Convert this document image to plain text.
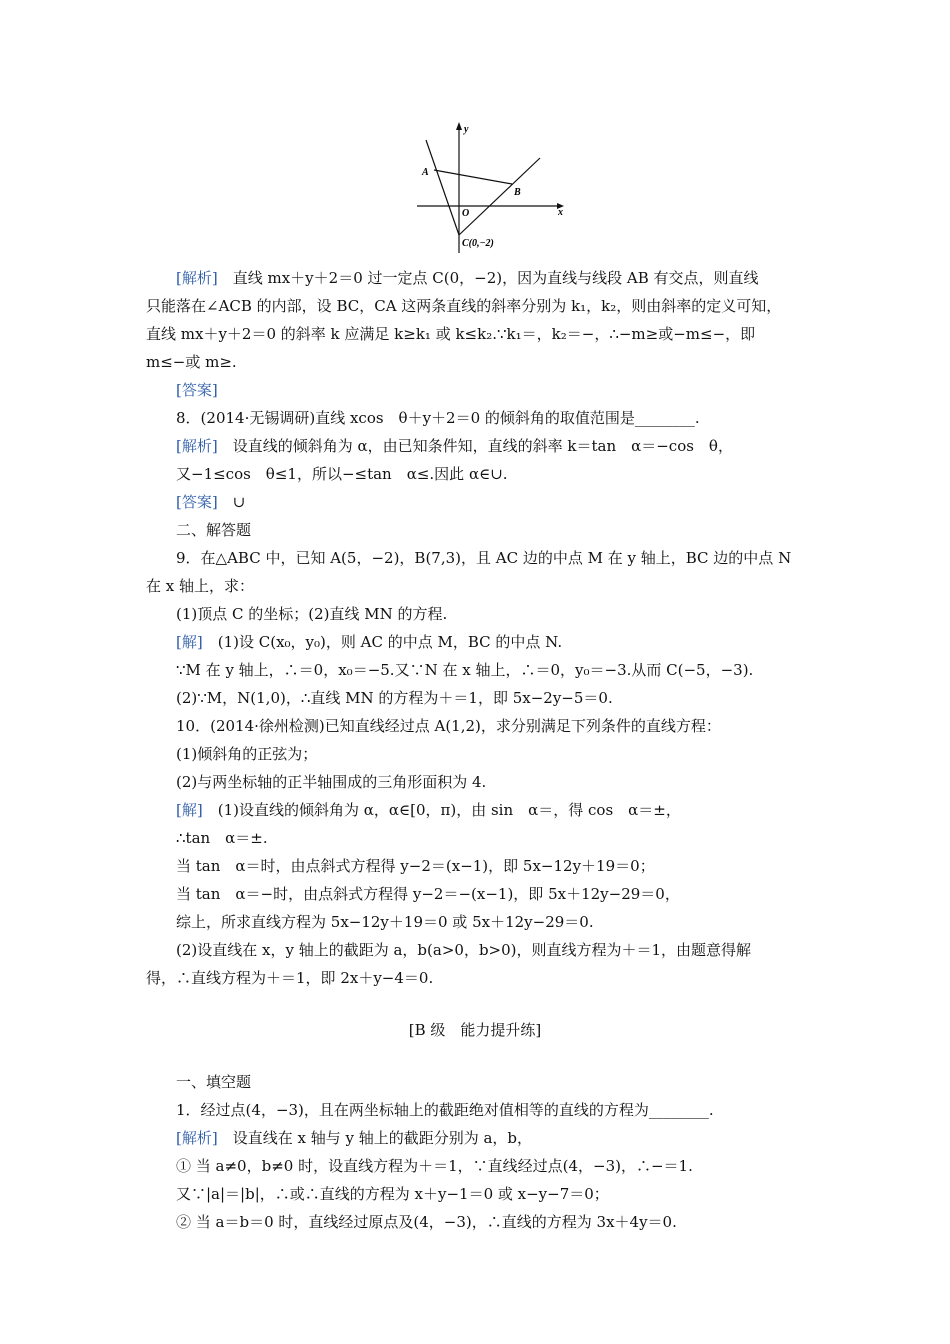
y
x
A
B
O
C(0,−2)
[解析]　直线 mx＋y＋2＝0 过一定点 C(0，−2)，因为直线与线段 AB 有交点，则直线
只能落在∠ACB 的内部，设 BC，CA 这两条直线的斜率分别为 k₁，k₂，则由斜率的定义可知，
直线 mx＋y＋2＝0 的斜率 k 应满足 k≥k₁ 或 k≤k₂.∵k₁＝，k₂＝−，∴−m≥或−m≤−，即
m≤−或 m≥.
[答案]
8．(2014·无锡调研)直线 xcos　θ＋y＋2＝0 的倾斜角的取值范围是________.
[解析]　设直线的倾斜角为 α，由已知条件知，直线的斜率 k＝tan　α＝−cos　θ，
又−1≤cos　θ≤1，所以−≤tan　α≤.因此 α∈∪.
[答案]　∪
二、解答题
9．在△ABC 中，已知 A(5，−2)，B(7,3)，且 AC 边的中点 M 在 y 轴上，BC 边的中点 N
在 x 轴上，求：
(1)顶点 C 的坐标；(2)直线 MN 的方程.
[解]　(1)设 C(x₀，y₀)，则 AC 的中点 M，BC 的中点 N.
∵M 在 y 轴上，∴＝0，x₀＝−5.又∵N 在 x 轴上，∴＝0，y₀＝−3.从而 C(−5，−3).
(2)∵M，N(1,0)，∴直线 MN 的方程为＋＝1，即 5x−2y−5＝0.
10．(2014·徐州检测)已知直线经过点 A(1,2)，求分别满足下列条件的直线方程：
(1)倾斜角的正弦为；
(2)与两坐标轴的正半轴围成的三角形面积为 4.
[解]　(1)设直线的倾斜角为 α，α∈[0，π)，由 sin　α＝，得 cos　α＝±，
∴tan　α＝±.
当 tan　α＝时，由点斜式方程得 y−2＝(x−1)，即 5x−12y＋19＝0；
当 tan　α＝−时，由点斜式方程得 y−2＝−(x−1)，即 5x＋12y−29＝0，
综上，所求直线方程为 5x−12y＋19＝0 或 5x＋12y−29＝0.
(2)设直线在 x，y 轴上的截距为 a，b(a>0，b>0)，则直线方程为＋＝1，由题意得解
得，∴直线方程为＋＝1，即 2x＋y−4＝0.
[B 级　能力提升练]
一、填空题
1．经过点(4，−3)，且在两坐标轴上的截距绝对值相等的直线的方程为________.
[解析]　设直线在 x 轴与 y 轴上的截距分别为 a，b，
① 当 a≠0，b≠0 时，设直线方程为＋＝1，∵直线经过点(4，−3)，∴−＝1.
又∵|a|＝|b|，∴或∴直线的方程为 x＋y−1＝0 或 x−y−7＝0；
② 当 a＝b＝0 时，直线经过原点及(4，−3)，∴直线的方程为 3x＋4y＝0.
